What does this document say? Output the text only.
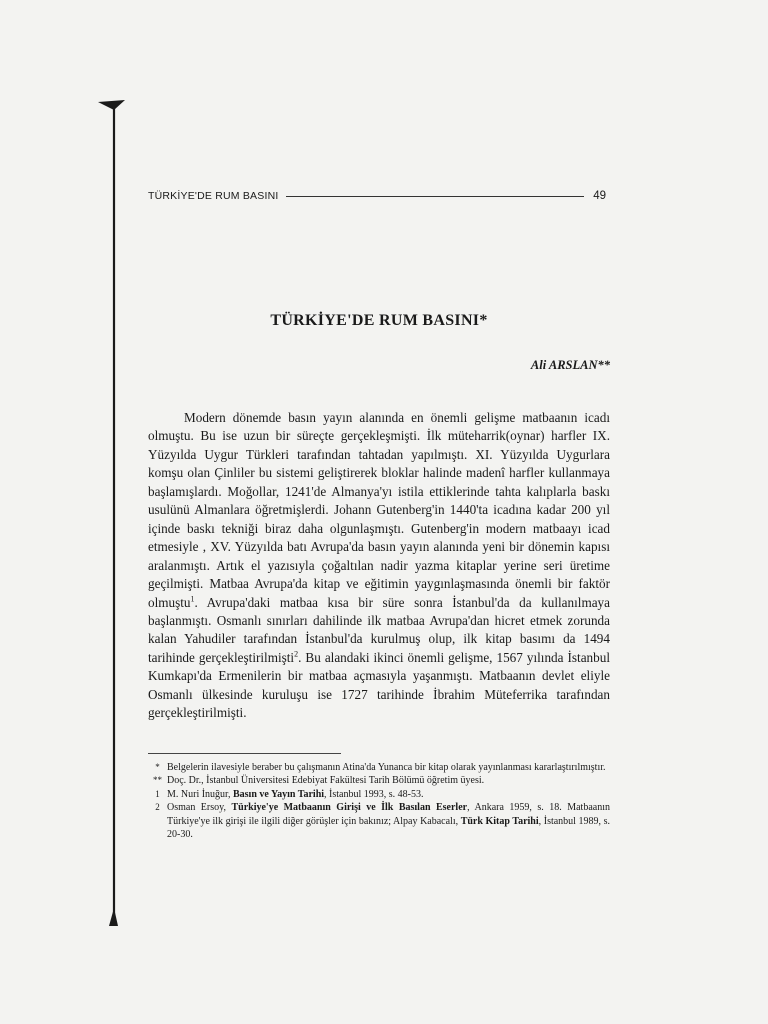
TÜRKİYE'DE RUM BASINI	49
TÜRKİYE'DE RUM BASINI*
Ali ARSLAN**

Modern dönemde basın yayın alanında en önemli gelişme matbaanın icadı olmuştu. Bu ise uzun bir süreçte gerçekleşmişti. İlk müteharrik(oynar) harfler IX. Yüzyılda Uygur Türkleri tarafından tahtadan yapılmıştı. XI. Yüzyılda Uygurlara komşu olan Çinliler bu sistemi geliştirerek bloklar halinde madenî harfler kullanmaya başlamışlardı. Moğollar, 1241'de Almanya'yı istila ettiklerinde tahta kalıplarla baskı usulünü Almanlara öğretmişlerdi. Johann Gutenberg'in 1440'ta icadına kadar 200 yıl içinde baskı tekniği biraz daha olgunlaşmıştı. Gutenberg'in modern matbaayı icad etmesiyle , XV. Yüzyılda batı Avrupa'da basın yayın alanında yeni bir dönemin kapısı aralanmıştı. Artık el yazısıyla çoğaltılan nadir yazma kitaplar yerine seri üretime geçilmişti. Matbaa Avrupa'da kitap ve eğitimin yaygınlaşmasında önemli bir faktör olmuştu$^1$. Avrupa'daki matbaa kısa bir süre sonra İstanbul'da da kullanılmaya başlanmıştı. Osmanlı sınırları dahilinde ilk matbaa Avrupa'dan hicret etmek zorunda kalan Yahudiler tarafından İstanbul'da kurulmuş olup, ilk kitap basımı da 1494 tarihinde gerçekleştirilmişti$^2$. Bu alandaki ikinci önemli gelişme, 1567 yılında İstanbul Kumkapı'da Ermenilerin bir matbaa açmasıyla yaşanmıştı. Matbaanın devlet eliyle Osmanlı ülkesinde kuruluşu ise 1727 tarihinde İbrahim Müteferrika tarafından gerçekleştirilmişti.

* Belgelerin ilavesiyle beraber bu çalışmanın Atina'da Yunanca bir kitap olarak yayınlanması kararlaştırılmıştır.
** Doç. Dr., İstanbul Üniversitesi Edebiyat Fakültesi Tarih Bölümü öğretim üyesi.
1 M. Nuri İnuğur, Basın ve Yayın Tarihi, İstanbul 1993, s. 48-53.
2 Osman Ersoy, Türkiye'ye Matbaanın Girişi ve İlk Basılan Eserler, Ankara 1959, s. 18. Matbaanın Türkiye'ye ilk girişi ile ilgili diğer görüşler için bakınız; Alpay Kabacalı, Türk Kitap Tarihi, İstanbul 1989, s. 20-30.
